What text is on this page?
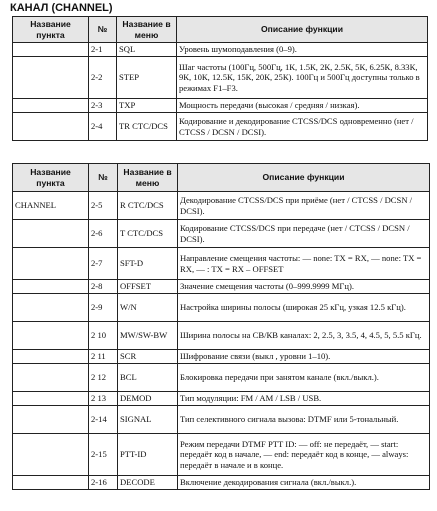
КАНАЛ (CHANNEL)
Название пункта	№	Название в меню	Описание функции
	2-1	SQL	Уровень шумоподавления (0–9).
	2-2	STEP	Шаг частоты (100Гц, 500Гц, 1К, 1.5К, 2К, 2.5К, 5К, 6.25К, 8.33К, 9К, 10К, 12.5К, 15К, 20К, 25К). 100Гц и 500Гц доступны только в режимах F1–F3.
	2-3	TXP	Мощность передачи (высокая / средняя / низкая).
	2-4	TR CTC/DCS	Кодирование и декодирование CTCSS/DCS одновременно (нет / CTCSS / DCSN / DCSI).
Название пункта	№	Название в меню	Описание функции
CHANNEL	2-5	R CTC/DCS	Декодирование CTCSS/DCS при приёме (нет / CTCSS / DCSN / DCSI).
	2-6	T CTC/DCS	Кодирование CTCSS/DCS при передаче (нет / CTCSS / DCSN / DCSI).
	2-7	SFT-D	Направление смещения частоты: — none: TX = RX, — none: TX = RX, — : TX = RX – OFFSET
	2-8	OFFSET	Значение смещения частоты (0–999.9999 МГц).
	2-9	W/N	Настройка ширины полосы (широкая 25 кГц, узкая 12.5 кГц).
	2 10	MW/SW-BW	Ширина полосы на СВ/КВ каналах: 2, 2.5, 3, 3.5, 4, 4.5, 5, 5.5 кГц.
	2 11	SCR	Шифрование связи (выкл , уровни 1–10).
	2 12	BCL	Блокировка передачи при занятом канале (вкл./выкл.).
	2 13	DEMOD	Тип модуляции: FM / AM / LSB / USB.
	2-14	SIGNAL	Тип селективного сигнала вызова: DTMF или 5-тональный.
	2-15	PTT-ID	Режим передачи DTMF PTT ID: — off: не передаёт, — start: передаёт код в начале, — end: передаёт код в конце, — always: передаёт в начале и в конце.
	2-16	DECODE	Включение декодирования сигнала (вкл./выкл.).
